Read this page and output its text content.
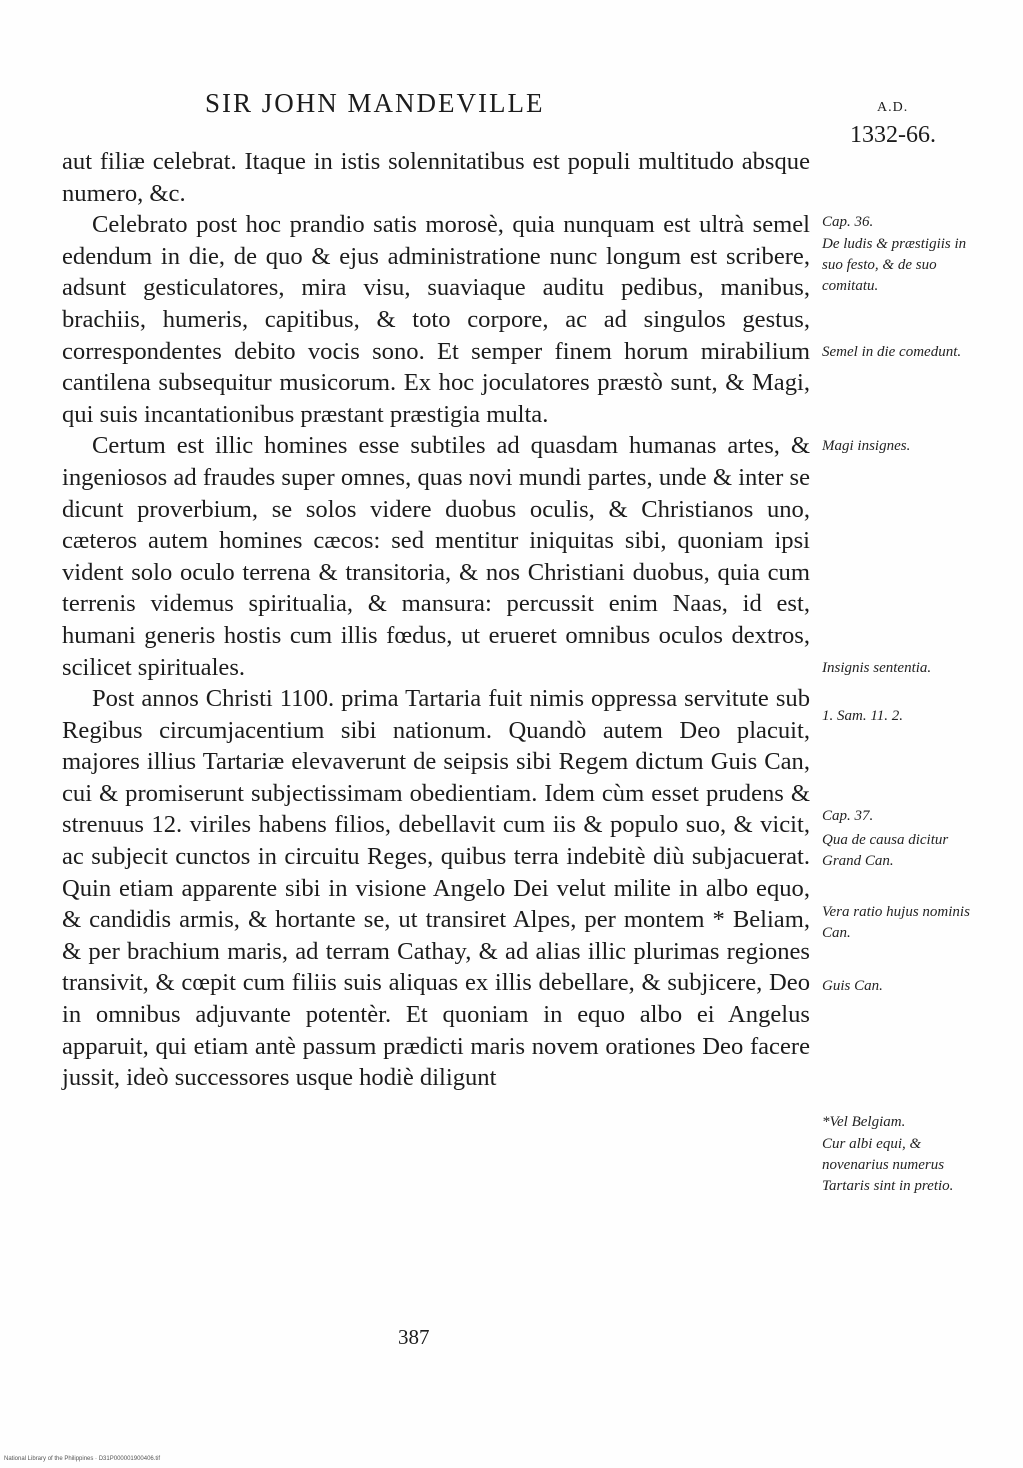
SIR JOHN MANDEVILLE	A.D.
1332-66.

aut filiæ celebrat. Itaque in istis solennitatibus est populi multitudo absque numero, &c.

Celebrato post hoc prandio satis morosè, quia nunquam est ultrà semel edendum in die, de quo & ejus administratione nunc longum est scribere, adsunt gesticulatores, mira visu, suaviaque auditu pedibus, manibus, brachiis, humeris, capitibus, & toto corpore, ac ad singulos gestus, correspondentes debito vocis sono. Et semper finem horum mirabilium cantilena subsequitur musicorum. Ex hoc joculatores præstò sunt, & Magi, qui suis incantationibus præstant præstigia multa.

Certum est illic homines esse subtiles ad quasdam humanas artes, & ingeniosos ad fraudes super omnes, quas novi mundi partes, unde & inter se dicunt proverbium, se solos videre duobus oculis, & Christianos uno, cæteros autem homines cæcos: sed mentitur iniquitas sibi, quoniam ipsi vident solo oculo terrena & transitoria, & nos Christiani duobus, quia cum terrenis videmus spiritualia, & mansura: percussit enim Naas, id est, humani generis hostis cum illis fœdus, ut erueret omnibus oculos dextros, scilicet spirituales.

Post annos Christi 1100. prima Tartaria fuit nimis oppressa servitute sub Regibus circumjacentium sibi nationum. Quandò autem Deo placuit, majores illius Tartariæ elevaverunt de seipsis sibi Regem dictum Guis Can, cui & promiserunt subjectissimam obedientiam. Idem cùm esset prudens & strenuus 12. viriles habens filios, debellavit cum iis & populo suo, & vicit, ac subjecit cunctos in circuitu Reges, quibus terra indebitè diù subjacuerat. Quin etiam apparente sibi in visione Angelo Dei velut milite in albo equo, & candidis armis, & hortante se, ut transiret Alpes, per montem * Beliam, & per brachium maris, ad terram Cathay, & ad alias illic plurimas regiones transivit, & cœpit cum filiis suis aliquas ex illis debellare, & subjicere, Deo in omnibus adjuvante potentèr. Et quoniam in equo albo ei Angelus apparuit, qui etiam antè passum prædicti maris novem orationes Deo facere jussit, ideò successores usque hodiè diligunt

Cap. 36.
De ludis & præstigiis in suo festo, & de suo comitatu.
Semel in die comedunt.
Magi insignes.
Insignis sententia.
1. Sam. 11. 2.
Cap. 37.
Qua de causa dicitur Grand Can.
Vera ratio hujus nominis Can.
Guis Can.
*Vel Belgiam.
Cur albi equi, & novenarius numerus Tartaris sint in pretio.
387
National Library of the Philippines · D31P000001900406.tif
